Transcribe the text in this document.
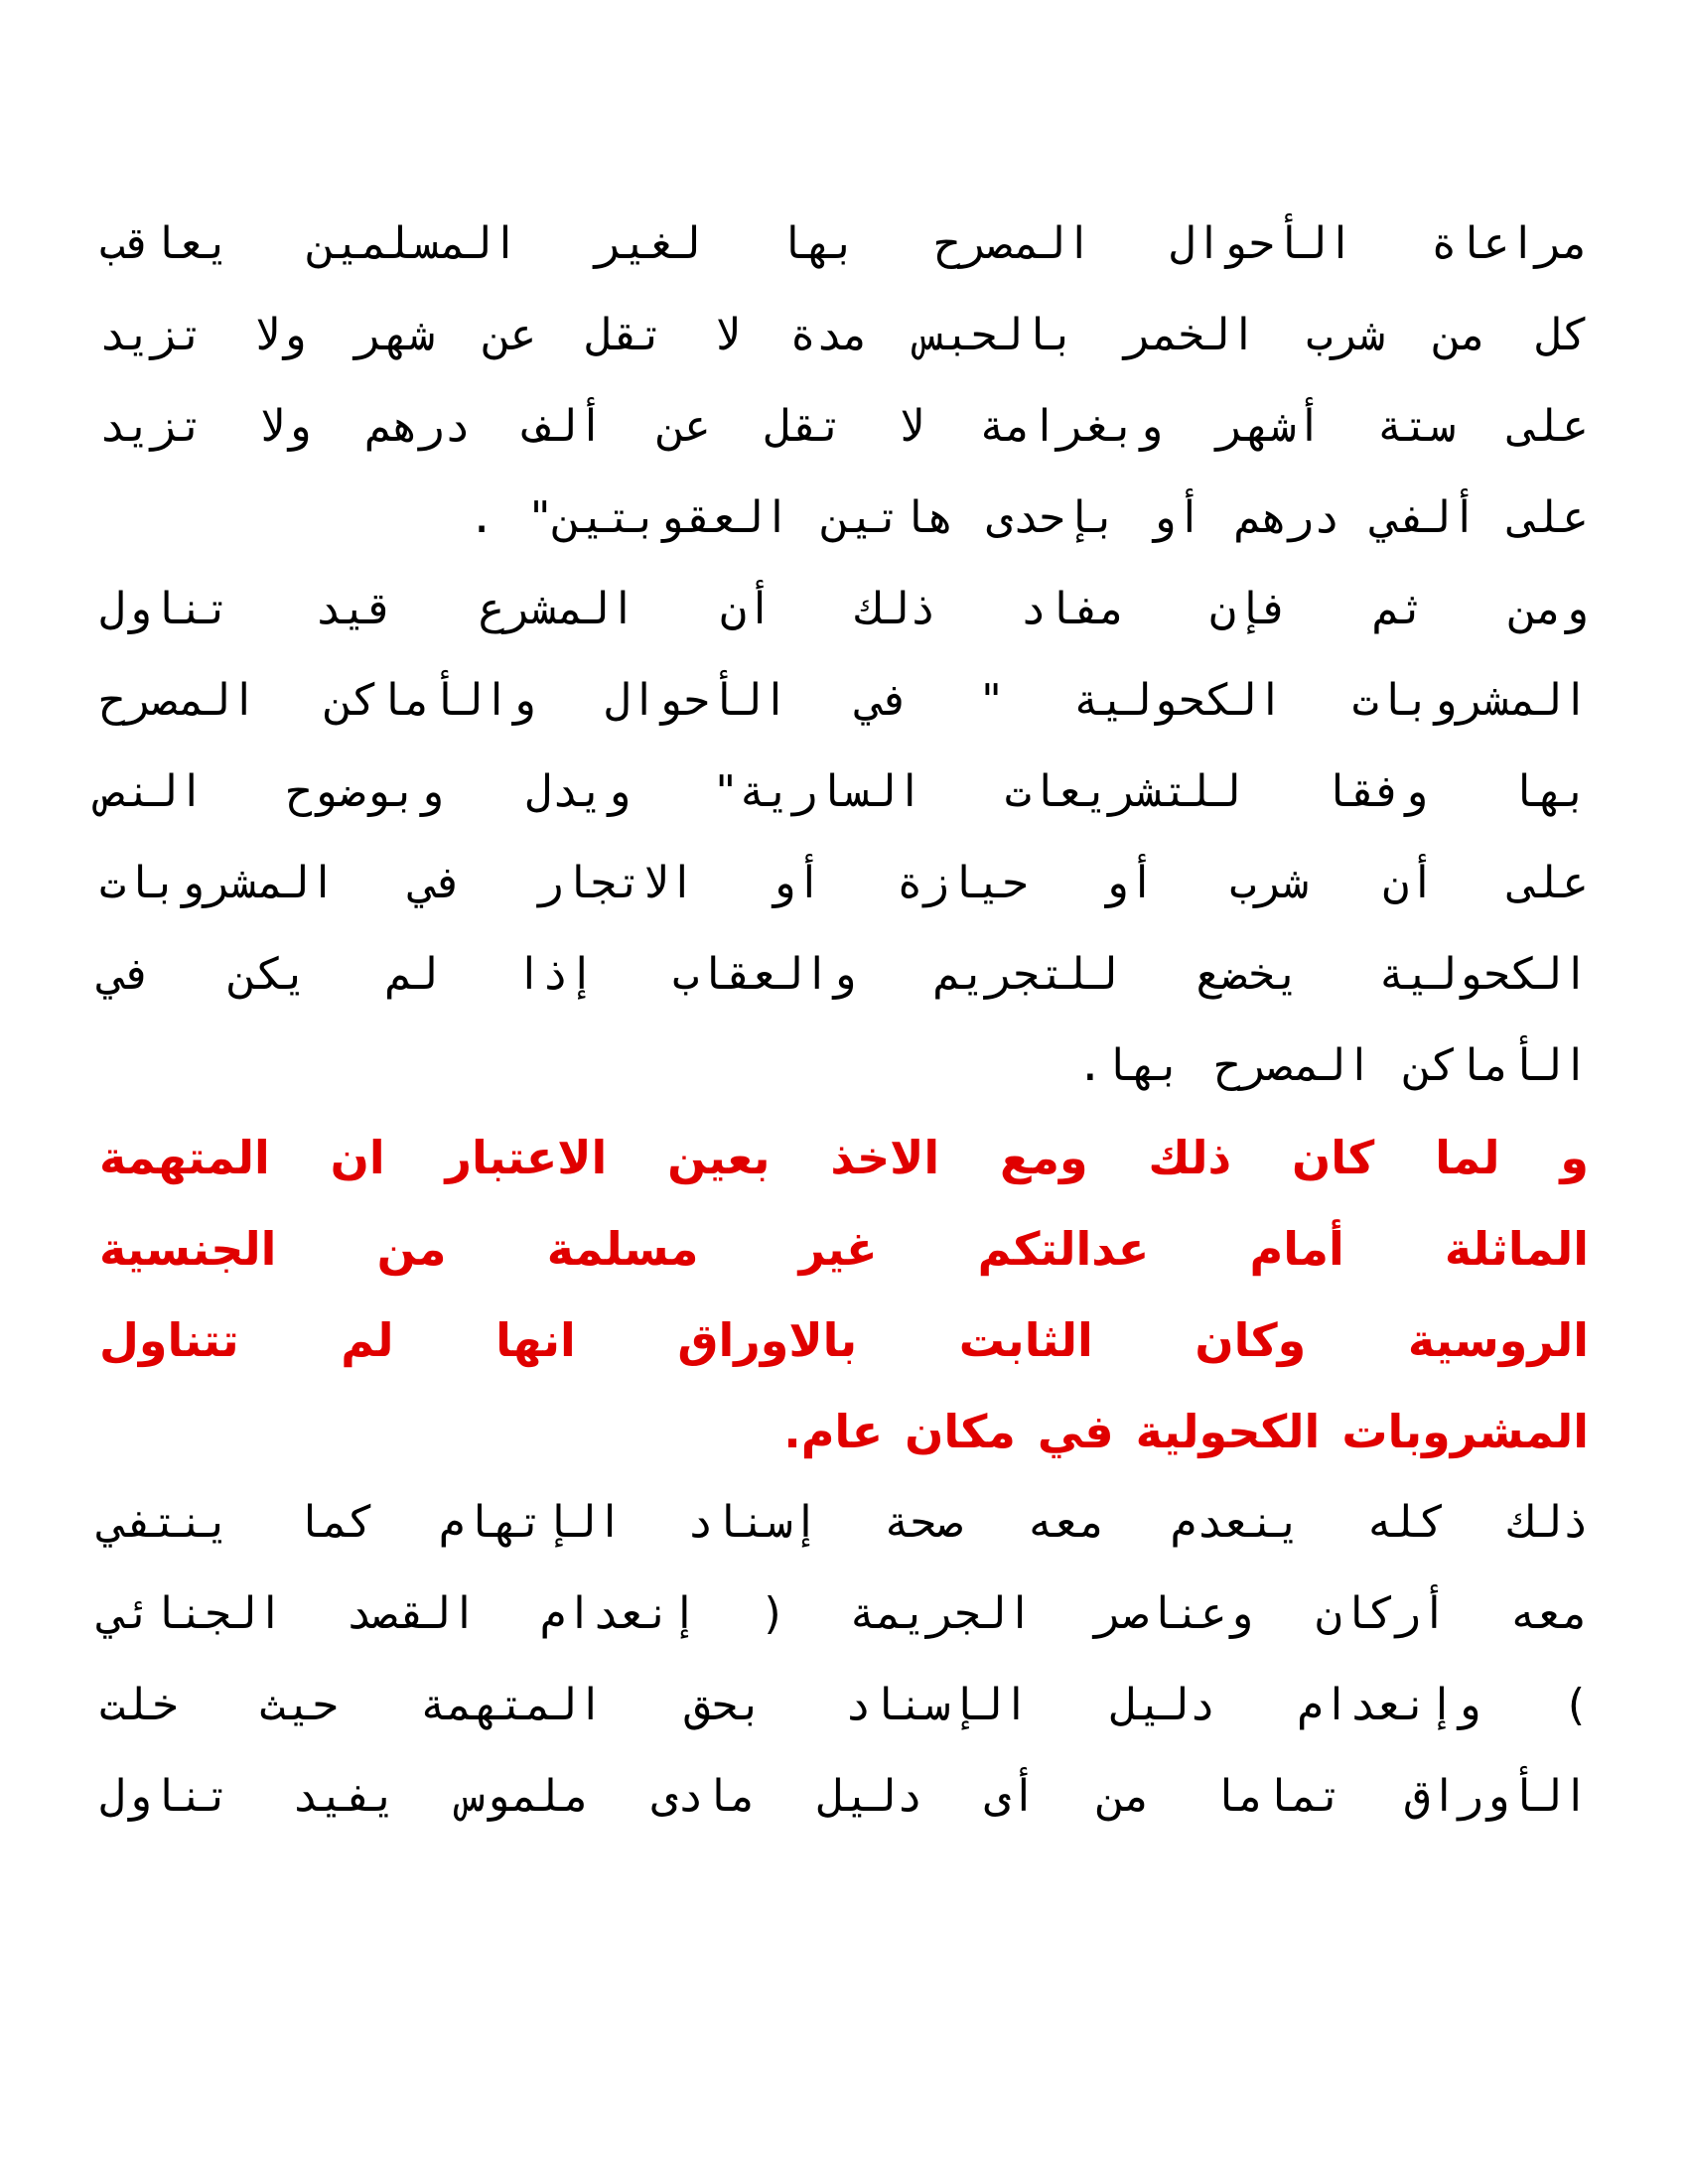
مراعاة الأحوال المصرح بها لغير المسلمين يعاقب
كل من شرب الخمر بالحبس مدة لا تقل عن شهر ولا تزيد
على ستة أشهر وبغرامة لا تقل عن ألف درهم ولا تزيد
على ألفي درهم أو بإحدى هاتين العقوبتين" .
ومن ثم فإن مفاد ذلك أن المشرع قيد تناول
المشروبات الكحولية " في الأحوال والأماكن المصرح
بها وفقا للتشريعات السارية" ويدل وبوضوح النص
على أن شرب أو حيازة أو الاتجار في المشروبات
الكحولية يخضع للتجريم والعقاب إذا لم يكن في
الأماكن المصرح بها.
و لما كان ذلك ومع الاخذ بعين الاعتبار ان المتهمة
الماثلة أمام عدالتكم غير مسلمة من الجنسية
الروسية وكان الثابت بالاوراق انها لم تتناول
المشروبات الكحولية في مكان عام.
ذلك كله ينعدم معه صحة إسناد الإتهام كما ينتفي
معه أركان وعناصر الجريمة ( إنعدام القصد الجنائي
) وإنعدام دليل الإسناد بحق المتهمة حيث خلت
الأوراق تماما من أى دليل مادى ملموس يفيد تناول
